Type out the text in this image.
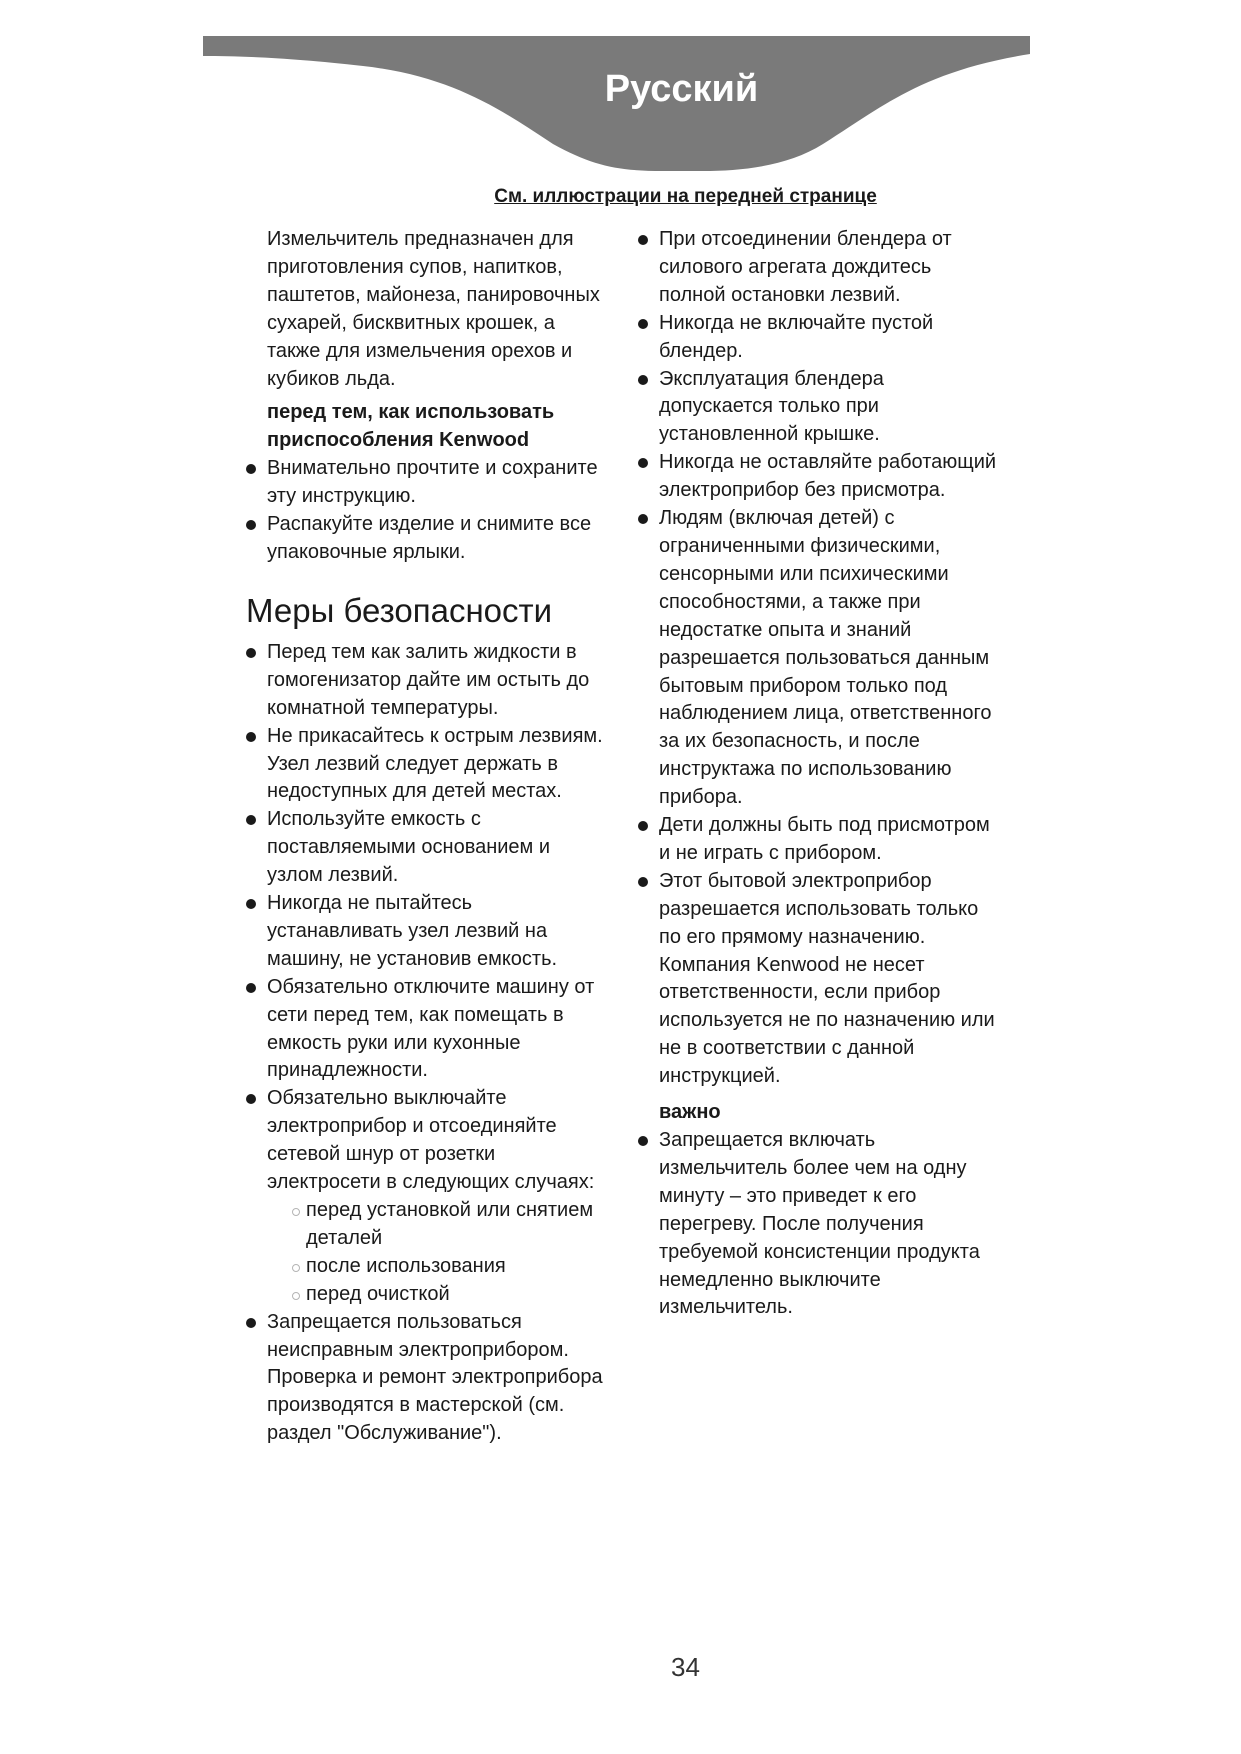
Русский
См. иллюстрации на передней странице

Измельчитель предназначен для приготовления супов, напитков, паштетов, майонеза, панировочных сухарей, бисквитных крошек, а также для измельчения орехов и кубиков льда.

перед тем, как использовать приспособления Kenwood
Внимательно прочтите и сохраните эту инструкцию.
Распакуйте изделие и снимите все упаковочные ярлыки.
Меры безопасности
Перед тем как залить жидкости в гомогенизатор дайте им остыть до комнатной температуры.
Не прикасайтесь к острым лезвиям. Узел лезвий следует держать в недоступных для детей местах.
Используйте емкость с поставляемыми основанием и узлом лезвий.
Никогда не пытайтесь устанавливать узел лезвий на машину, не установив емкость.
Обязательно отключите машину от сети перед тем, как помещать в емкость руки или кухонные принадлежности.
Обязательно выключайте электроприбор и отсоединяйте сетевой шнур от розетки электросети в следующих случаях:
перед установкой или снятием деталей
после использования
перед очисткой
Запрещается пользоваться неисправным электроприбором. Проверка и ремонт электроприбора производятся в мастерской (см. раздел "Обслуживание").
При отсоединении блендера от силового агрегата дождитесь полной остановки лезвий.
Никогда не включайте пустой блендер.
Эксплуатация блендера допускается только при установленной крышке.
Никогда не оставляйте работающий электроприбор без присмотра.
Людям (включая детей) с ограниченными физическими, сенсорными или психическими способностями, а также при недостатке опыта и знаний разрешается пользоваться данным бытовым прибором только под наблюдением лица, ответственного за их безопасность, и после инструктажа по использованию прибора.
Дети должны быть под присмотром и не играть с прибором.
Этот бытовой электроприбор разрешается использовать только по его прямому назначению. Компания Kenwood не несет ответственности, если прибор используется не по назначению или не в соответствии с данной инструкцией.
важно
Запрещается включать измельчитель более чем на одну минуту – это приведет к его перегреву. После получения требуемой консистенции продукта немедленно выключите измельчитель.
34
